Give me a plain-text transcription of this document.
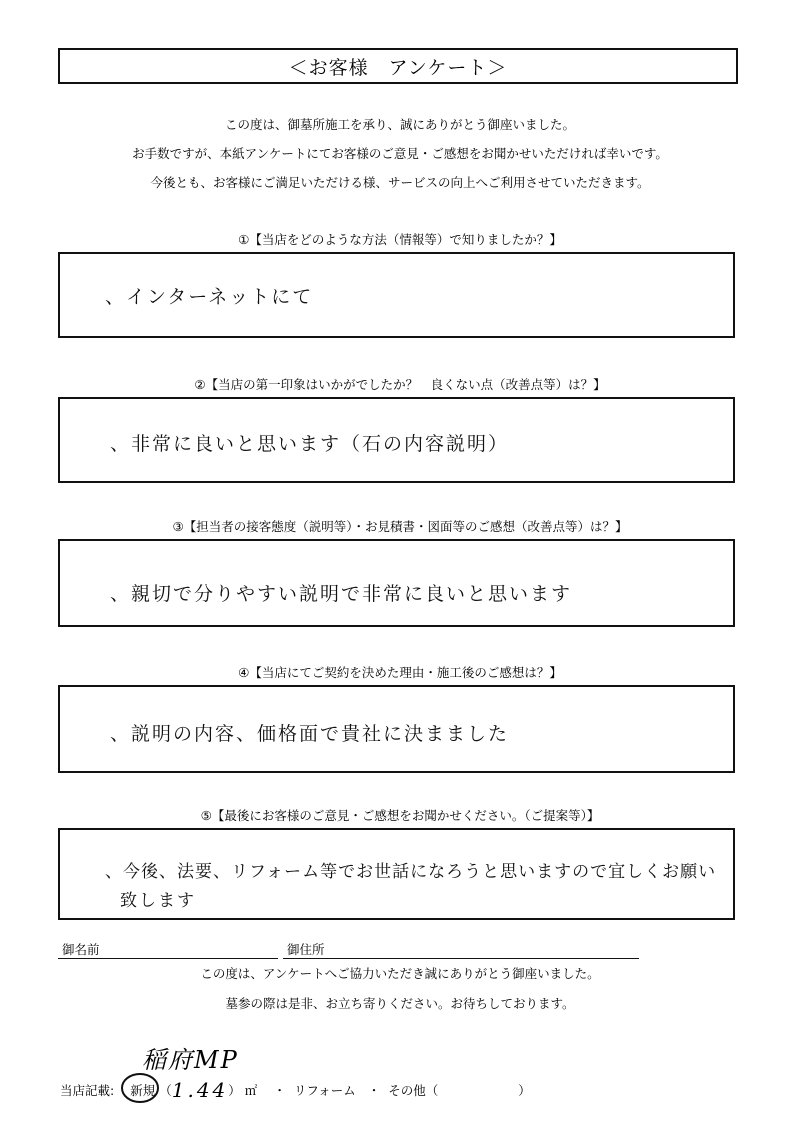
＜お客様　アンケート＞
この度は、御墓所施工を承り、誠にありがとう御座いました。
お手数ですが、本紙アンケートにてお客様のご意見・ご感想をお聞かせいただければ幸いです。
今後とも、お客様にご満足いただける様、サービスの向上へご利用させていただきます。
①【当店をどのような方法（情報等）で知りましたか？】
、インターネットにて
②【当店の第一印象はいかがでしたか？　良くない点（改善点等）は？】
、非常に良いと思います（石の内容説明）
③【担当者の接客態度（説明等）・お見積書・図面等のご感想（改善点等）は？】
、親切で分りやすい説明で非常に良いと思います
④【当店にてご契約を決めた理由・施工後のご感想は？】
、説明の内容、価格面で貴社に決まました
⑤【最後にお客様のご意見・ご感想をお聞かせください。（ご提案等）】
、今後、法要、リフォーム等でお世話になろうと思いますので宜しくお願い
致します
御名前	御住所
この度は、アンケートへご協力いただき誠にありがとう御座いました。
墓参の際は是非、お立ち寄りください。お待ちしております。
稲府MP
当店記載: 新規 （ 1.44 ） ㎡ ・ リフォーム ・ その他（	）
